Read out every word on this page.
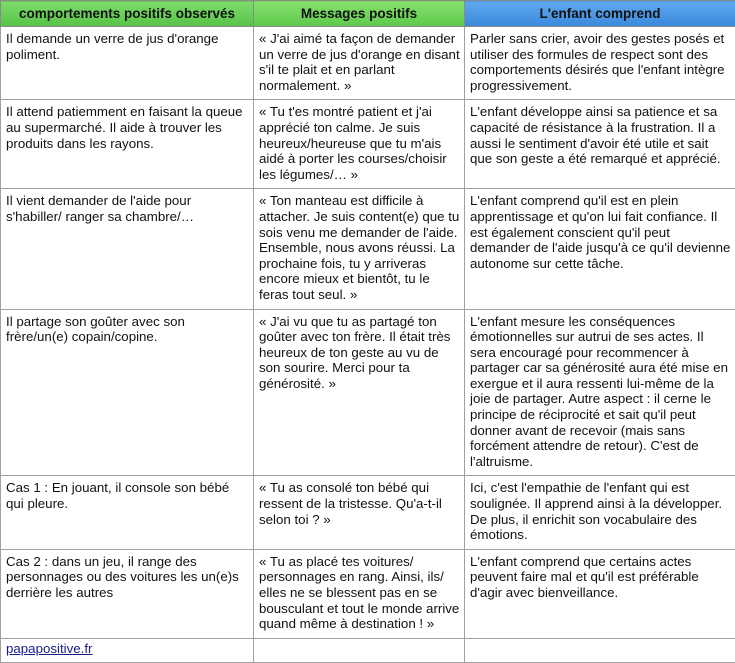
comportements positifs observés	Messages positifs	L'enfant comprend
Il demande un verre de jus d'orange poliment.	« J'ai aimé ta façon de demander un verre de jus d'orange en disant s'il te plait et en parlant normalement. »	Parler sans crier, avoir des gestes posés et utiliser des formules de respect sont des comportements désirés que l'enfant intègre progressivement.
Il attend patiemment en faisant la queue au supermarché. Il aide à trouver les produits dans les rayons.	« Tu t'es montré patient et j'ai apprécié ton calme. Je suis heureux/heureuse que tu m'ais aidé à porter les courses/choisir les légumes/… »	L'enfant développe ainsi sa patience et sa capacité de résistance à la frustration. Il a aussi le sentiment d'avoir été utile et sait que son geste a été remarqué et apprécié.
Il vient demander de l'aide pour s'habiller/ ranger sa chambre/…	« Ton manteau est difficile à attacher. Je suis content(e) que tu sois venu me demander de l'aide. Ensemble, nous avons réussi. La prochaine fois, tu y arriveras encore mieux et bientôt, tu le feras tout seul. »	L'enfant comprend qu'il est en plein apprentissage et qu'on lui fait confiance. Il est également conscient qu'il peut demander de l'aide jusqu'à ce qu'il devienne autonome sur cette tâche.
Il partage son goûter avec son frère/un(e) copain/copine.	« J'ai vu que tu as partagé ton goûter avec ton frère. Il était très heureux de ton geste au vu de son sourire. Merci pour ta générosité. »	L'enfant mesure les conséquences émotionnelles sur autrui de ses actes. Il sera encouragé pour recommencer à partager car sa générosité aura été mise en exergue et il aura ressenti lui-même de la joie de partager. Autre aspect : il cerne le principe de réciprocité et sait qu'il peut donner avant de recevoir (mais sans forcément attendre de retour). C'est de l'altruisme.
Cas 1 : En jouant, il console son bébé qui pleure.	« Tu as consolé ton bébé qui ressent de la tristesse. Qu'a-t-il selon toi ? »	Ici, c'est l'empathie de l'enfant qui est soulignée. Il apprend ainsi à la développer. De plus, il enrichit son vocabulaire des émotions.
Cas 2 : dans un jeu, il range des personnages ou des voitures les un(e)s derrière les autres	« Tu as placé tes voitures/ personnages en rang. Ainsi, ils/ elles ne se blessent pas en se bousculant et tout le monde arrive quand même à destination ! »	L'enfant comprend que certains actes peuvent faire mal et qu'il est préférable d'agir avec bienveillance.
papapositive.fr		
